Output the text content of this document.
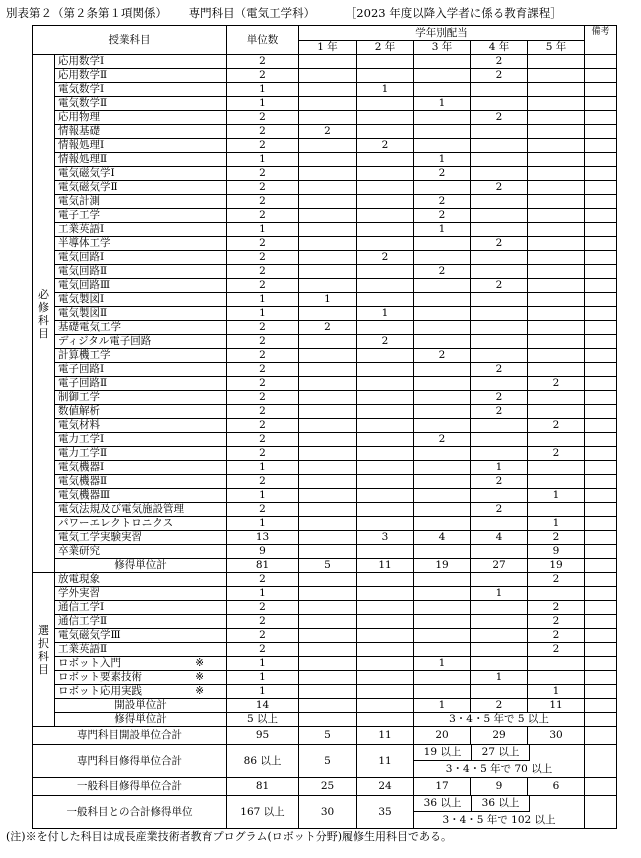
別表第２（第２条第１項関係） 専門科目（電気工学科）	［2023 年度以降入学者に係る教育課程］
授業科目		単位数	学年別配当					備考
			1 年	2 年	3 年	4 年	5 年	
必修科目	応用数学Ⅰ	2				2		
	応用数学Ⅱ	2				2		
	電気数学Ⅰ	1		1				
	電気数学Ⅱ	1			1			
	応用物理	2				2		
	情報基礎	2	2					
	情報処理Ⅰ	2		2				
	情報処理Ⅱ	1			1			
	電気磁気学Ⅰ	2			2			
	電気磁気学Ⅱ	2				2		
	電気計測	2			2			
	電子工学	2			2			
	工業英語Ⅰ	1			1			
	半導体工学	2				2		
	電気回路Ⅰ	2		2				
	電気回路Ⅱ	2			2			
	電気回路Ⅲ	2				2		
	電気製図Ⅰ	1	1					
	電気製図Ⅱ	1		1				
	基礎電気工学	2	2					
	ディジタル電子回路	2		2				
	計算機工学	2			2			
	電子回路Ⅰ	2				2		
	電子回路Ⅱ	2					2	
	制御工学	2				2		
	数値解析	2				2		
	電気材料	2					2	
	電力工学Ⅰ	2			2			
	電力工学Ⅱ	2					2	
	電気機器Ⅰ	1				1		
	電気機器Ⅱ	2				2		
	電気機器Ⅲ	1					1	
	電気法規及び電気施設管理	2				2		
	パワーエレクトロニクス	1					1	
	電気工学実験実習	13		3	4	4	2	
	卒業研究	9					9	
	修得単位計	81	5	11	19	27	19	
選択科目	放電現象	2					2	
	学外実習	1				1		
	通信工学Ⅰ	2					2	
	通信工学Ⅱ	2					2	
	電気磁気学Ⅲ	2					2	
	工業英語Ⅱ	2					2	
	ロボット入門 ※	1			1			
	ロボット要素技術 ※	1				1		
	ロボット応用実践 ※	1					1	
	開設単位計	14			1	2	11	
	修得単位計	5 以上			3・4・5 年で 5 以上			
専門科目開設単位合計		95	5	11	20	29	30	
専門科目修得単位合計		86 以上	5	11	19 以上 27 以上
3・4・5 年で 70 以上			

一般科目修得単位合計		81	25	24	17	9	6	
一般科目との合計修得単位		167 以上	30	35	36 以上 36 以上
3・4・5 年で 102 以上			

(注)※を付した科目は成長産業技術者教育プログラム(ロボット分野)履修生用科目である。
